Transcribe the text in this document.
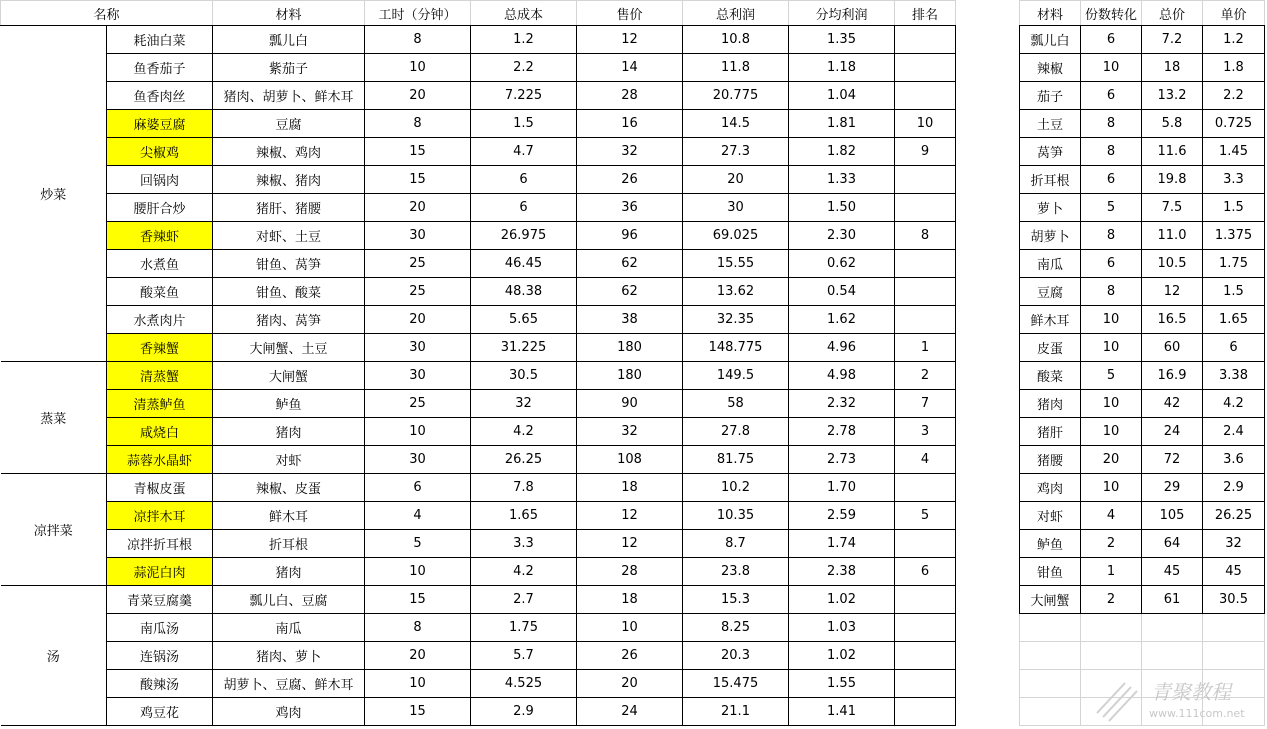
名称		材料	工时（分钟）	总成本	售价	总利润	分均利润	排名
炒菜	耗油白菜	瓢儿白	8	1.2	12	10.8	1.35	
	鱼香茄子	紫茄子	10	2.2	14	11.8	1.18	
	鱼香肉丝	猪肉、胡萝卜、鲜木耳	20	7.225	28	20.775	1.04	
	麻婆豆腐	豆腐	8	1.5	16	14.5	1.81	10
	尖椒鸡	辣椒、鸡肉	15	4.7	32	27.3	1.82	9
	回锅肉	辣椒、猪肉	15	6	26	20	1.33	
	腰肝合炒	猪肝、猪腰	20	6	36	30	1.50	
	香辣虾	对虾、土豆	30	26.975	96	69.025	2.30	8
	水煮鱼	钳鱼、莴笋	25	46.45	62	15.55	0.62	
	酸菜鱼	钳鱼、酸菜	25	48.38	62	13.62	0.54	
	水煮肉片	猪肉、莴笋	20	5.65	38	32.35	1.62	
	香辣蟹	大闸蟹、土豆	30	31.225	180	148.775	4.96	1
蒸菜	清蒸蟹	大闸蟹	30	30.5	180	149.5	4.98	2
	清蒸鲈鱼	鲈鱼	25	32	90	58	2.32	7
	咸烧白	猪肉	10	4.2	32	27.8	2.78	3
	蒜蓉水晶虾	对虾	30	26.25	108	81.75	2.73	4
凉拌菜	青椒皮蛋	辣椒、皮蛋	6	7.8	18	10.2	1.70	
	凉拌木耳	鲜木耳	4	1.65	12	10.35	2.59	5
	凉拌折耳根	折耳根	5	3.3	12	8.7	1.74	
	蒜泥白肉	猪肉	10	4.2	28	23.8	2.38	6
汤	青菜豆腐羹	瓢儿白、豆腐	15	2.7	18	15.3	1.02	
	南瓜汤	南瓜	8	1.75	10	8.25	1.03	
	连锅汤	猪肉、萝卜	20	5.7	26	20.3	1.02	
	酸辣汤	胡萝卜、豆腐、鲜木耳	10	4.525	20	15.475	1.55	
	鸡豆花	鸡肉	15	2.9	24	21.1	1.41	
材料	份数转化	总价	单价
瓢儿白	6	7.2	1.2
辣椒	10	18	1.8
茄子	6	13.2	2.2
土豆	8	5.8	0.725
莴笋	8	11.6	1.45
折耳根	6	19.8	3.3
萝卜	5	7.5	1.5
胡萝卜	8	11.0	1.375
南瓜	6	10.5	1.75
豆腐	8	12	1.5
鲜木耳	10	16.5	1.65
皮蛋	10	60	6
酸菜	5	16.9	3.38
猪肉	10	42	4.2
猪肝	10	24	2.4
猪腰	20	72	3.6
鸡肉	10	29	2.9
对虾	4	105	26.25
鲈鱼	2	64	32
钳鱼	1	45	45
大闸蟹	2	61	30.5

青聚教程
www.111com.net
